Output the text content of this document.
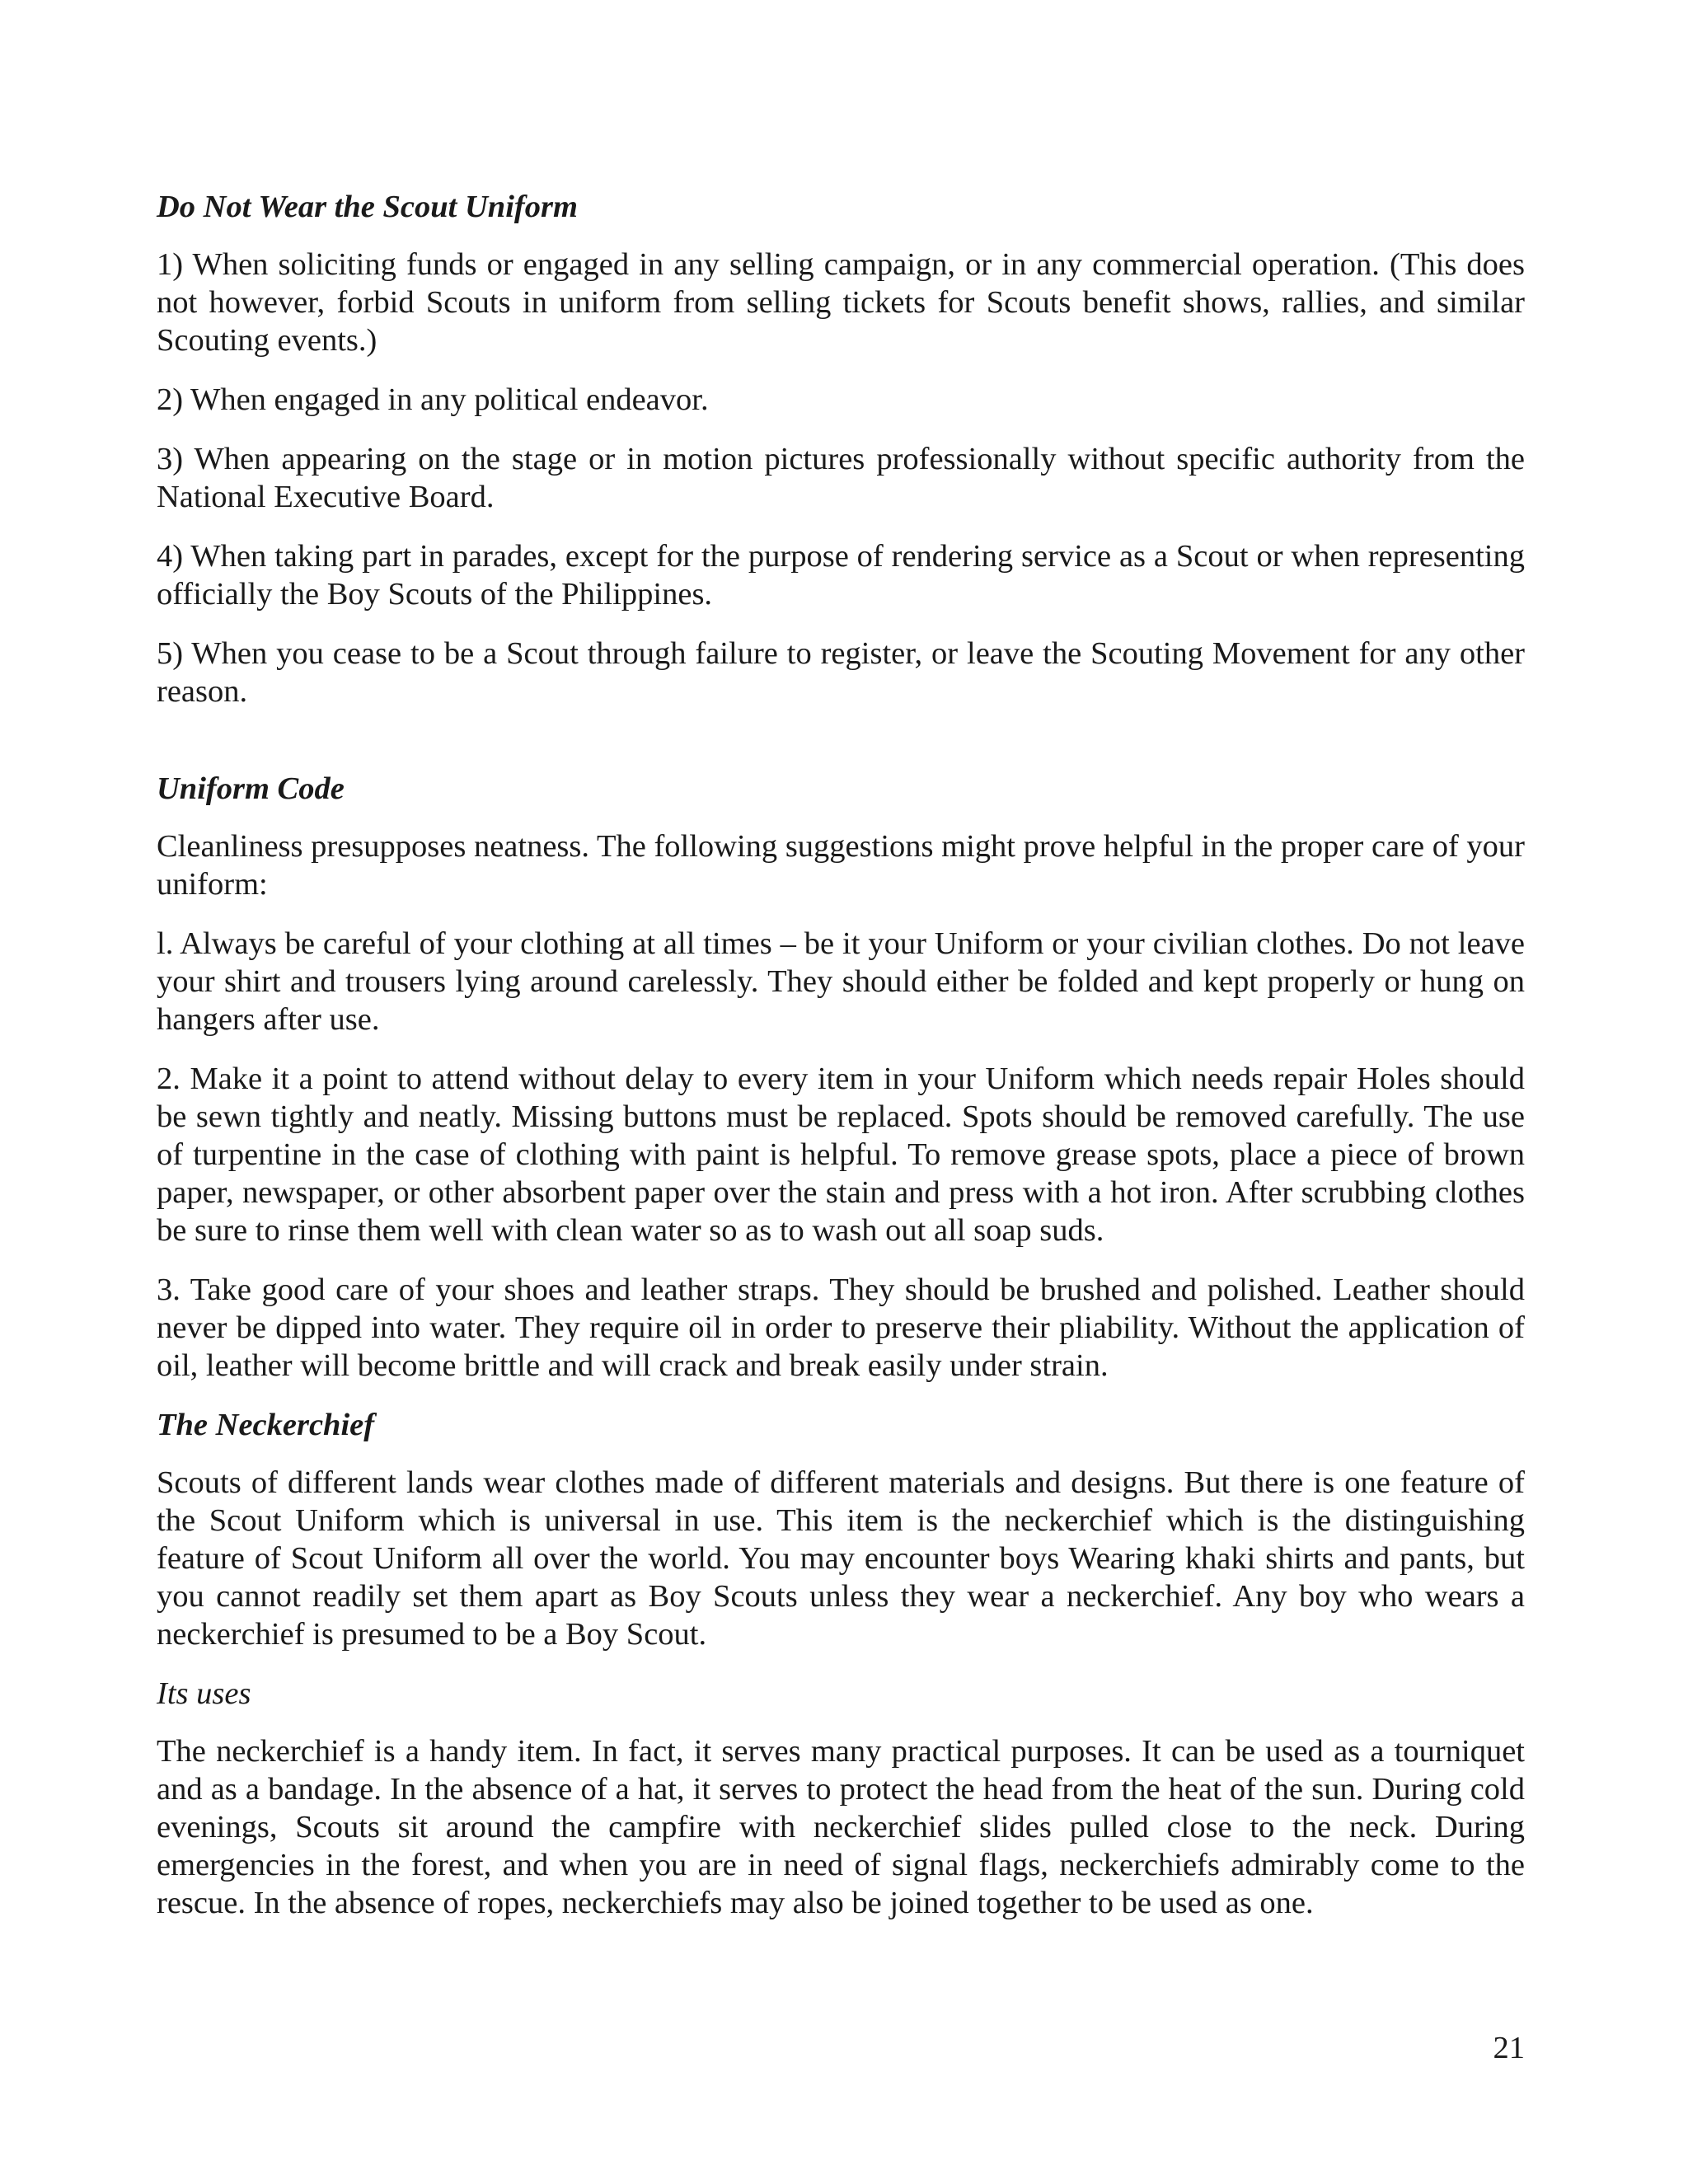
Do Not Wear the Scout Uniform

1) When soliciting funds or engaged in any selling campaign, or in any commercial operation. (This does not however, forbid Scouts in uniform from selling tickets for Scouts benefit shows, rallies, and similar Scouting events.)

2) When engaged in any political endeavor.

3) When appearing on the stage or in motion pictures professionally without specific authority from the National Executive Board.

4) When taking part in parades, except for the purpose of rendering service as a Scout or when representing officially the Boy Scouts of the Philippines.

5) When you cease to be a Scout through failure to register, or leave the Scouting Movement for any other reason.

Uniform Code

Cleanliness presupposes neatness. The following suggestions might prove helpful in the proper care of your uniform:

l. Always be careful of your clothing at all times – be it your Uniform or your civilian clothes. Do not leave your shirt and trousers lying around carelessly. They should either be folded and kept properly or hung on hangers after use.

2. Make it a point to attend without delay to every item in your Uniform which needs repair Holes should be sewn tightly and neatly. Missing buttons must be replaced. Spots should be removed carefully. The use of turpentine in the case of clothing with paint is helpful. To remove grease spots, place a piece of brown paper, newspaper, or other absorbent paper over the stain and press with a hot iron. After scrubbing clothes be sure to rinse them well with clean water so as to wash out all soap suds.

3. Take good care of your shoes and leather straps. They should be brushed and polished. Leather should never be dipped into water. They require oil in order to preserve their pliability. Without the application of oil, leather will become brittle and will crack and break easily under strain.

The Neckerchief

Scouts of different lands wear clothes made of different materials and designs. But there is one feature of the Scout Uniform which is universal in use. This item is the neckerchief which is the distinguishing feature of Scout Uniform all over the world. You may encounter boys Wearing khaki shirts and pants, but you cannot readily set them apart as Boy Scouts unless they wear a neckerchief. Any boy who wears a neckerchief is presumed to be a Boy Scout.

Its uses

The neckerchief is a handy item. In fact, it serves many practical purposes. It can be used as a tourniquet and as a bandage. In the absence of a hat, it serves to protect the head from the heat of the sun. During cold evenings, Scouts sit around the campfire with neckerchief slides pulled close to the neck. During emergencies in the forest, and when you are in need of signal flags, neckerchiefs admirably come to the rescue. In the absence of ropes, neckerchiefs may also be joined together to be used as one.

21
